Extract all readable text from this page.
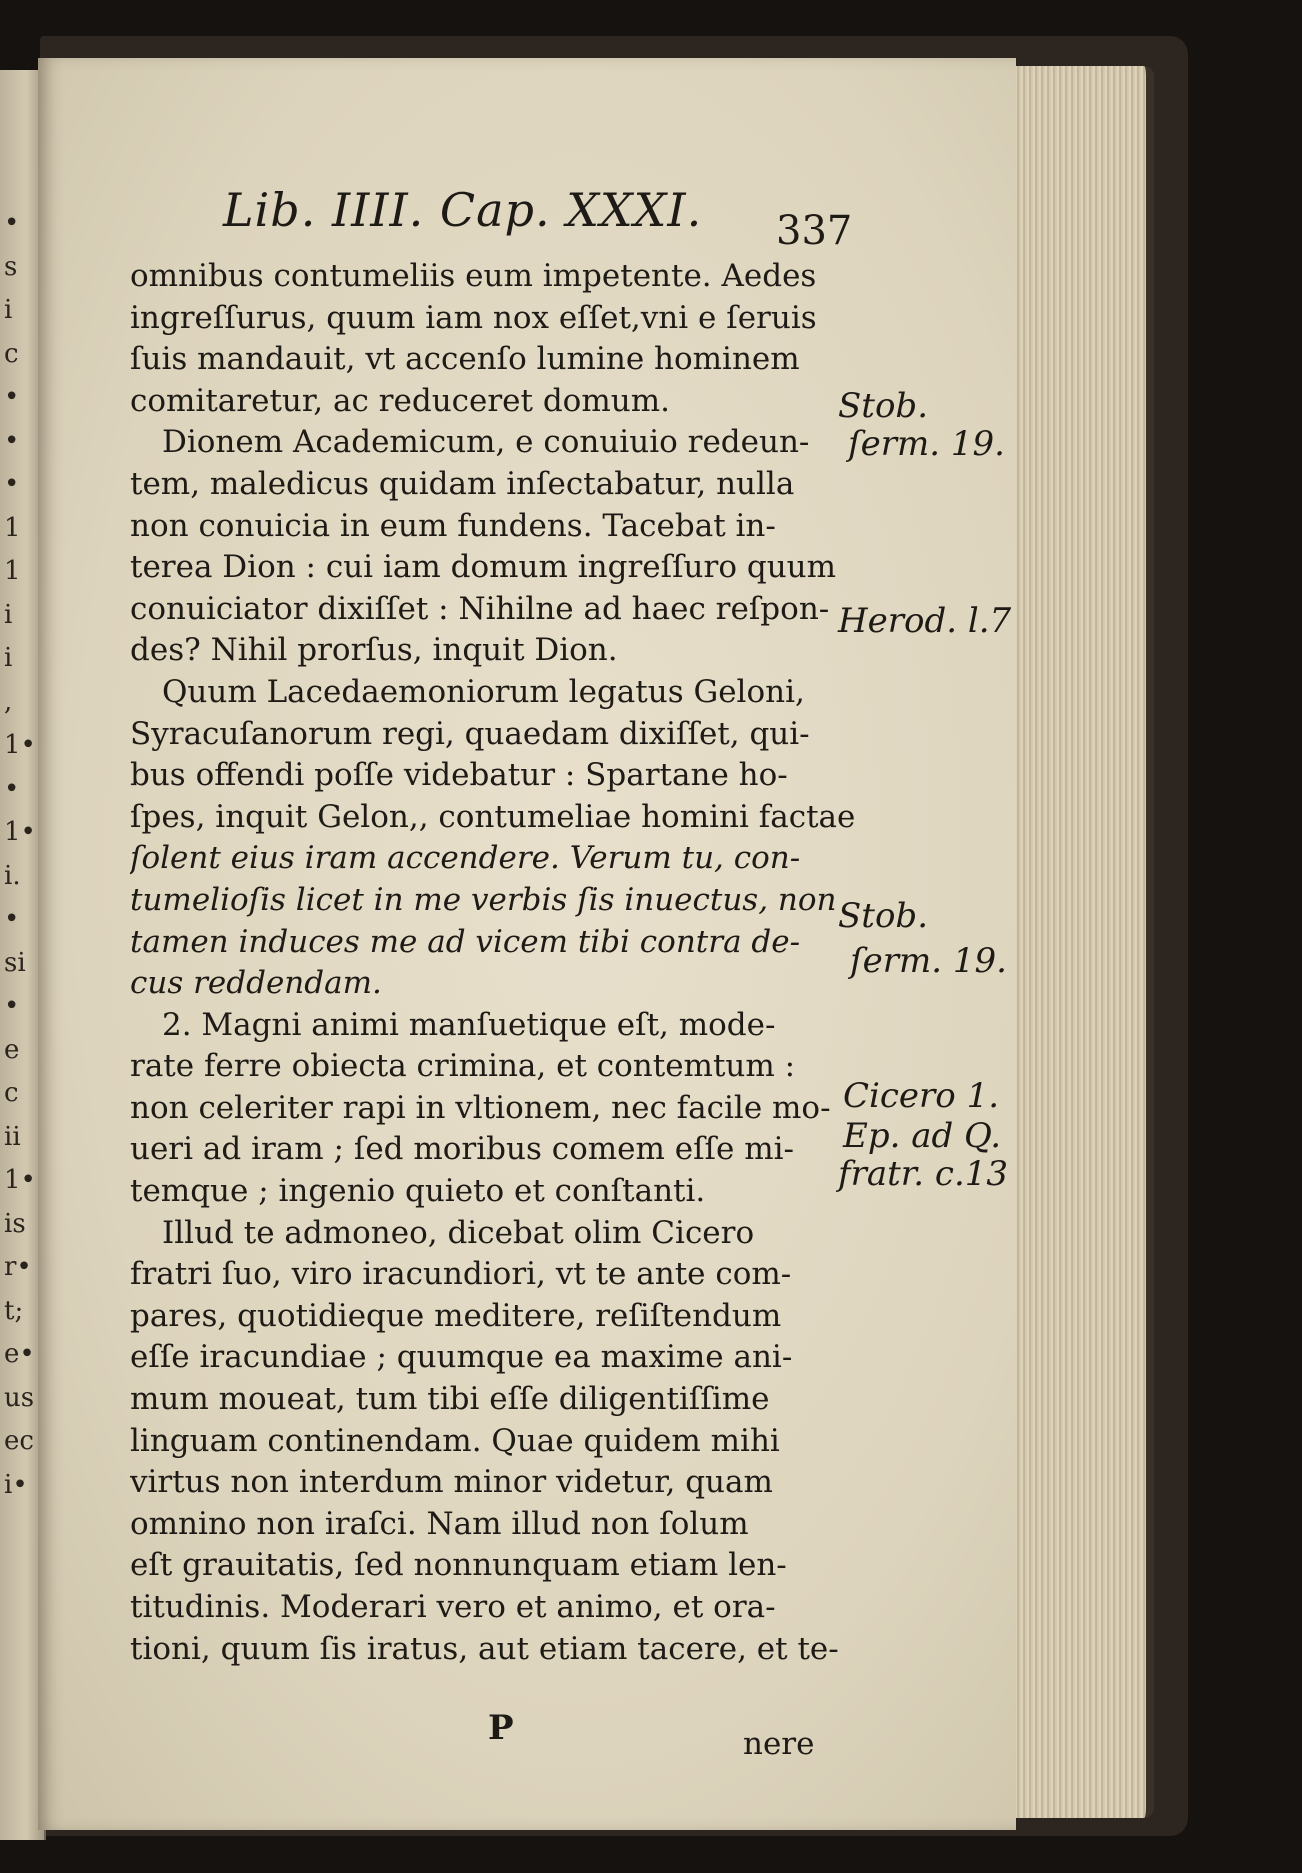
•
s
i
c
•
•
•
1
1
i
i
,
1•
•
1•
i.
•
si
•
e
c
ii
1•
is
r•
t;
e•
us
ec
i•
Lib. IIII. Cap. XXXI. 337
omnibus contumeliis eum impetente. Aedes
ingreſſurus, quum iam nox eſſet,vni e ſeruis
ſuis mandauit, vt accenſo lumine hominem
comitaretur, ac reduceret domum.
Dionem Academicum, e conuiuio redeun-
tem, maledicus quidam inſectabatur, nulla
non conuicia in eum fundens. Tacebat in-
terea Dion : cui iam domum ingreſſuro quum
conuiciator dixiſſet : Nihilne ad haec reſpon-
des? Nihil prorſus, inquit Dion.
Quum Lacedaemoniorum legatus Geloni,
Syracuſanorum regi, quaedam dixiſſet, qui-
bus offendi poſſe videbatur : Spartane ho-
ſpes, inquit Gelon,, contumeliae homini factae
ſolent eius iram accendere. Verum tu, con-
tumelioſis licet in me verbis ſis inuectus, non
tamen induces me ad vicem tibi contra de-
cus reddendam.
2. Magni animi manſuetique eſt, mode-
rate ferre obiecta crimina, et contemtum :
non celeriter rapi in vltionem, nec facile mo-
ueri ad iram ; ſed moribus comem eſſe mi-
temque ; ingenio quieto et conſtanti.
Illud te admoneo, dicebat olim Cicero
fratri ſuo, viro iracundiori, vt te ante com-
pares, quotidieque meditere, reſiſtendum
eſſe iracundiae ; quumque ea maxime ani-
mum moueat, tum tibi eſſe diligentiſſime
linguam continendam. Quae quidem mihi
virtus non interdum minor videtur, quam
omnino non iraſci. Nam illud non ſolum
eſt grauitatis, ſed nonnunquam etiam len-
titudinis. Moderari vero et animo, et ora-
tioni, quum ſis iratus, aut etiam tacere, et te-
Stob.
ſerm. 19.
Herod. l.7
Stob.
ſerm. 19.
Cicero 1.
Ep. ad Q.
fratr. c.13
P	nere
